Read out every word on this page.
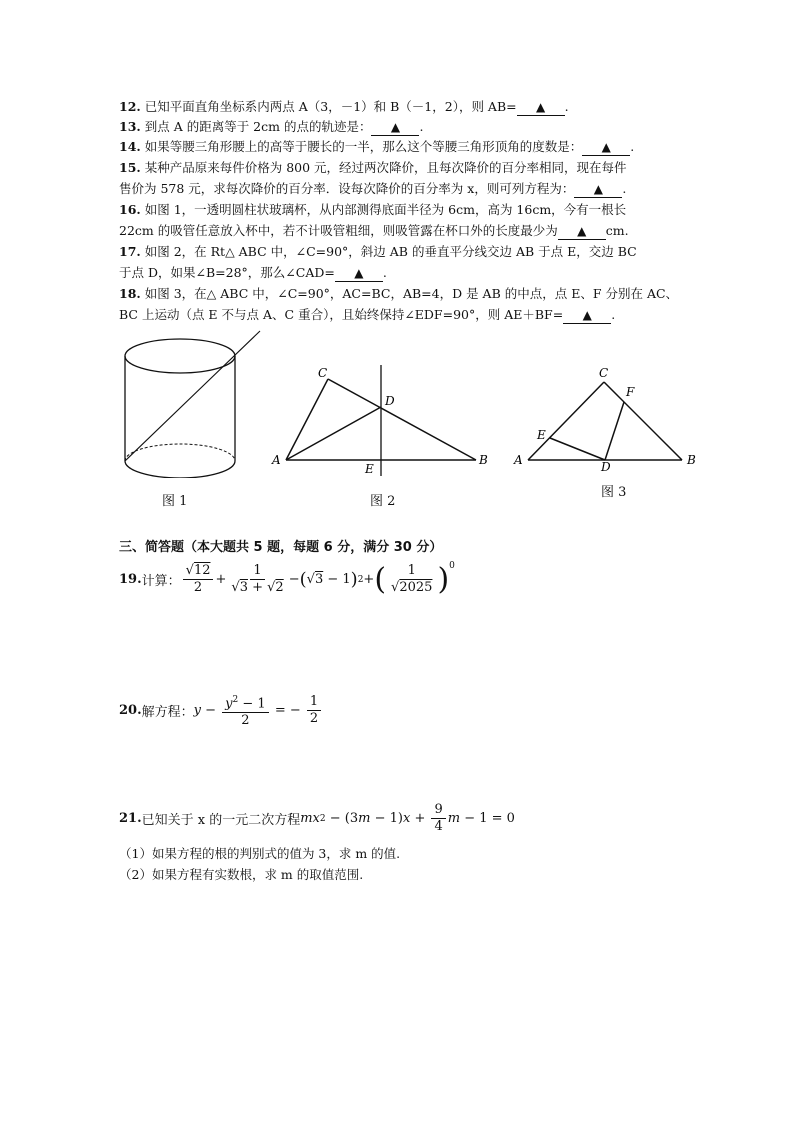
12. 已知平面直角坐标系内两点 A（3，－1）和 B（－1，2），则 AB= ▲ .
13. 到点 A 的距离等于 2cm 的点的轨迹是： ▲ .
14. 如果等腰三角形腰上的高等于腰长的一半，那么这个等腰三角形顶角的度数是： ▲ .
15. 某种产品原来每件价格为 800 元，经过两次降价，且每次降价的百分率相同，现在每件
售价为 578 元，求每次降价的百分率．设每次降价的百分率为 x，则可列方程为： ▲ .
16. 如图 1，一透明圆柱状玻璃杯，从内部测得底面半径为 6cm，高为 16cm，今有一根长
22cm 的吸管任意放入杯中，若不计吸管粗细，则吸管露在杯口外的长度最少为 ▲ cm.
17. 如图 2，在 Rt△ ABC 中，∠C=90°，斜边 AB 的垂直平分线交边 AB 于点 E，交边 BC
于点 D，如果∠B=28°，那么∠CAD= ▲ .
18. 如图 3，在△ ABC 中，∠C=90°，AC=BC，AB=4，D 是 AB 的中点，点 E、F 分别在 AC、
BC 上运动（点 E 不与点 A、C 重合），且始终保持∠EDF=90°，则 AE＋BF= ▲ .
图 1
C
D
A
E
B
图 2
C
F
E
A	D	B
图 3
三、简答题（本大题共 5 题，每题 6 分，满分 30 分）
19. 计算： $\frac{√12}{2} + \frac{1}{√3 + √2}$ − ( √3 − 1 ) 2 + ( $\frac{1}{√2025} )^0$
20. 解方程： $y - \frac{y^2 - 1}{2}$ = − $\frac{1}{2}$
21. 已知关于 x 的一元二次方程 mx $2 - (3m - 1)x + \frac{9}{4}$ m − 1 = 0
（1）如果方程的根的判别式的值为 3，求 m 的值.
（2）如果方程有实数根，求 m 的取值范围.
